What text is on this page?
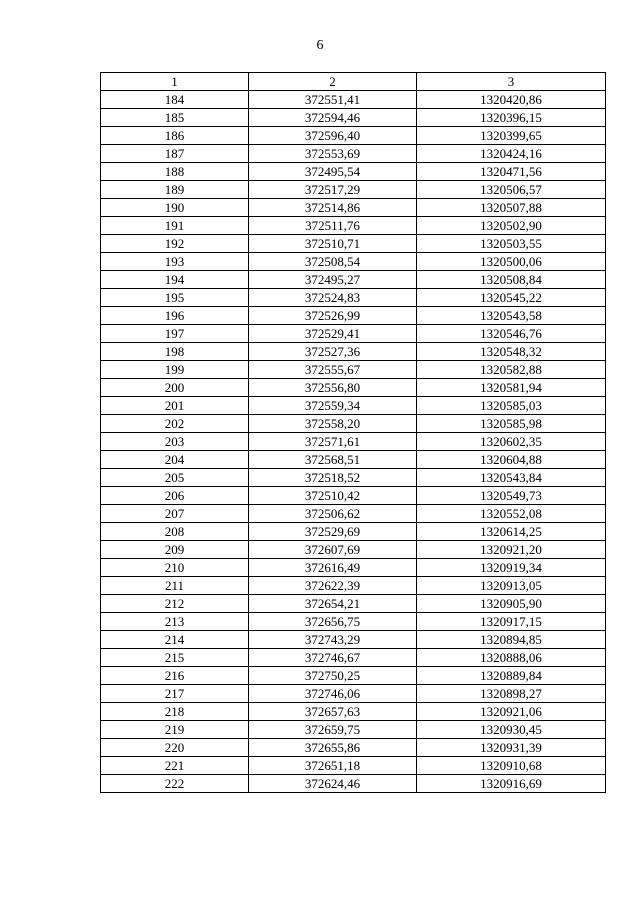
6
1	2	3
184	372551,41	1320420,86
185	372594,46	1320396,15
186	372596,40	1320399,65
187	372553,69	1320424,16
188	372495,54	1320471,56
189	372517,29	1320506,57
190	372514,86	1320507,88
191	372511,76	1320502,90
192	372510,71	1320503,55
193	372508,54	1320500,06
194	372495,27	1320508,84
195	372524,83	1320545,22
196	372526,99	1320543,58
197	372529,41	1320546,76
198	372527,36	1320548,32
199	372555,67	1320582,88
200	372556,80	1320581,94
201	372559,34	1320585,03
202	372558,20	1320585,98
203	372571,61	1320602,35
204	372568,51	1320604,88
205	372518,52	1320543,84
206	372510,42	1320549,73
207	372506,62	1320552,08
208	372529,69	1320614,25
209	372607,69	1320921,20
210	372616,49	1320919,34
211	372622,39	1320913,05
212	372654,21	1320905,90
213	372656,75	1320917,15
214	372743,29	1320894,85
215	372746,67	1320888,06
216	372750,25	1320889,84
217	372746,06	1320898,27
218	372657,63	1320921,06
219	372659,75	1320930,45
220	372655,86	1320931,39
221	372651,18	1320910,68
222	372624,46	1320916,69
